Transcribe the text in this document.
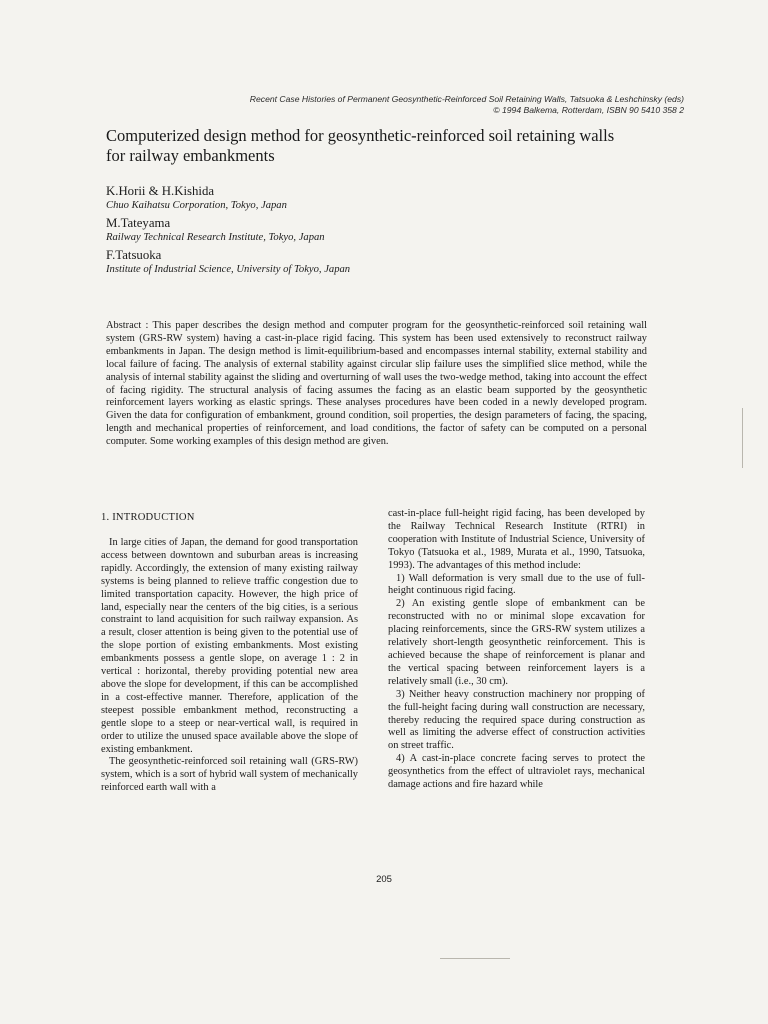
Recent Case Histories of Permanent Geosynthetic-Reinforced Soil Retaining Walls, Tatsuoka & Leshchinsky (eds)
© 1994 Balkema, Rotterdam, ISBN 90 5410 358 2
Computerized design method for geosynthetic-reinforced soil retaining walls
for railway embankments
K.Horii & H.Kishida
Chuo Kaihatsu Corporation, Tokyo, Japan
M.Tateyama
Railway Technical Research Institute, Tokyo, Japan
F.Tatsuoka
Institute of Industrial Science, University of Tokyo, Japan

Abstract : This paper describes the design method and computer program for the geosynthetic-reinforced soil retaining wall system (GRS-RW system) having a cast-in-place rigid facing. This system has been used extensively to reconstruct railway embankments in Japan. The design method is limit-equilibrium-based and encompasses internal stability, external stability and local failure of facing. The analysis of external stability against circular slip failure uses the simplified slice method, while the analysis of internal stability against the sliding and overturning of wall uses the two-wedge method, taking into account the effect of facing rigidity. The structural analysis of facing assumes the facing as an elastic beam supported by the geosynthetic reinforcement layers working as elastic springs. These analyses procedures have been coded in a newly developed program. Given the data for configuration of embankment, ground condition, soil properties, the design parameters of facing, the spacing, length and mechanical properties of reinforcement, and load conditions, the factor of safety can be computed on a personal computer. Some working examples of this design method are given.

1. INTRODUCTION

In large cities of Japan, the demand for good transportation access between downtown and suburban areas is increasing rapidly. Accordingly, the extension of many existing railway systems is being planned to relieve traffic congestion due to limited transportation capacity. However, the high price of land, especially near the centers of the big cities, is a serious constraint to land acquisition for such railway expansion. As a result, closer attention is being given to the potential use of the slope portion of existing embankments. Most existing embankments possess a gentle slope, on average 1 : 2 in vertical : horizontal, thereby providing potential new area above the slope for development, if this can be accomplished in a cost-effective manner. Therefore, application of the steepest possible embankment method, reconstructing a gentle slope to a steep or near-vertical wall, is required in order to utilize the unused space available above the slope of existing embankment.

The geosynthetic-reinforced soil retaining wall (GRS-RW) system, which is a sort of hybrid wall system of mechanically reinforced earth wall with a

cast-in-place full-height rigid facing, has been developed by the Railway Technical Research Institute (RTRI) in cooperation with Institute of Industrial Science, University of Tokyo (Tatsuoka et al., 1989, Murata et al., 1990, Tatsuoka, 1993). The advantages of this method include:

1) Wall deformation is very small due to the use of full-height continuous rigid facing.

2) An existing gentle slope of embankment can be reconstructed with no or minimal slope excavation for placing reinforcements, since the GRS-RW system utilizes a relatively short-length geosynthetic reinforcement. This is achieved because the shape of reinforcement is planar and the vertical spacing between reinforcement layers is a relatively small (i.e., 30 cm).

3) Neither heavy construction machinery nor propping of the full-height facing during wall construction are necessary, thereby reducing the required space during construction as well as limiting the adverse effect of construction activities on street traffic.

4) A cast-in-place concrete facing serves to protect the geosynthetics from the effect of ultraviolet rays, mechanical damage actions and fire hazard while

205
